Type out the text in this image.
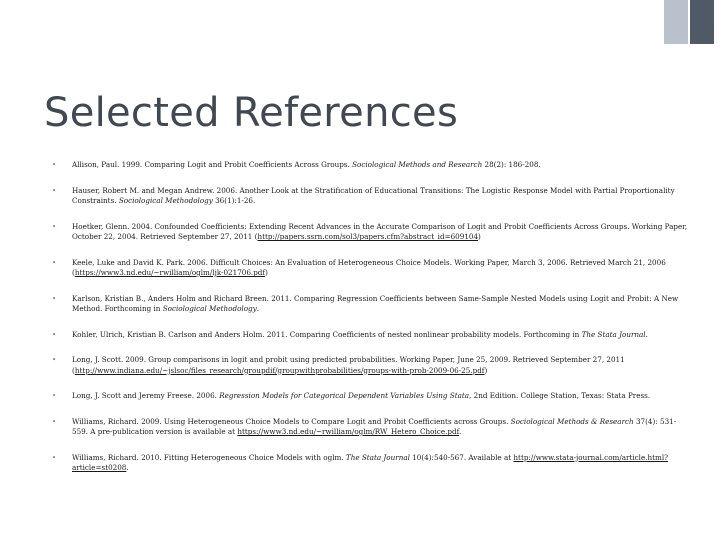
Selected References
• Allison, Paul. 1999. Comparing Logit and Probit Coefficients Across Groups. Sociological Methods and Research 28(2): 186-208.
• Hauser, Robert M. and Megan Andrew. 2006. Another Look at the Stratification of Educational Transitions: The Logistic Response Model with Partial Proportionality Constraints. Sociological Methodology 36(1):1-26.
• Hoetker, Glenn. 2004. Confounded Coefficients: Extending Recent Advances in the Accurate Comparison of Logit and Probit Coefficients Across Groups. Working Paper, October 22, 2004. Retrieved September 27, 2011 (http://papers.ssrn.com/sol3/papers.cfm?abstract_id=609104)
• Keele, Luke and David K. Park. 2006. Difficult Choices: An Evaluation of Heterogeneous Choice Models. Working Paper, March 3, 2006. Retrieved March 21, 2006 (https://www3.nd.edu/~rwilliam/oglm/ljk-021706.pdf)
• Karlson, Kristian B., Anders Holm and Richard Breen. 2011. Comparing Regression Coefficients between Same-Sample Nested Models using Logit and Probit: A New Method. Forthcoming in Sociological Methodology.
• Kohler, Ulrich, Kristian B. Carlson and Anders Holm. 2011. Comparing Coefficients of nested nonlinear probability models. Forthcoming in The Stata Journal.
• Long, J. Scott. 2009. Group comparisons in logit and probit using predicted probabilities. Working Paper, June 25, 2009. Retrieved September 27, 2011 (http://www.indiana.edu/~jslsoc/files_research/groupdif/groupwithprobabilities/groups-with-prob-2009-06-25.pdf)
• Long, J. Scott and Jeremy Freese. 2006. Regression Models for Categorical Dependent Variables Using Stata, 2nd Edition. College Station, Texas: Stata Press.
• Williams, Richard. 2009. Using Heterogeneous Choice Models to Compare Logit and Probit Coefficients across Groups. Sociological Methods & Research 37(4): 531-559. A pre-publication version is available at https://www3.nd.edu/~rwilliam/oglm/RW_Hetero_Choice.pdf.
• Williams, Richard. 2010. Fitting Heterogeneous Choice Models with oglm. The Stata Journal 10(4):540-567. Available at http://www.stata-journal.com/article.html?article=st0208.
